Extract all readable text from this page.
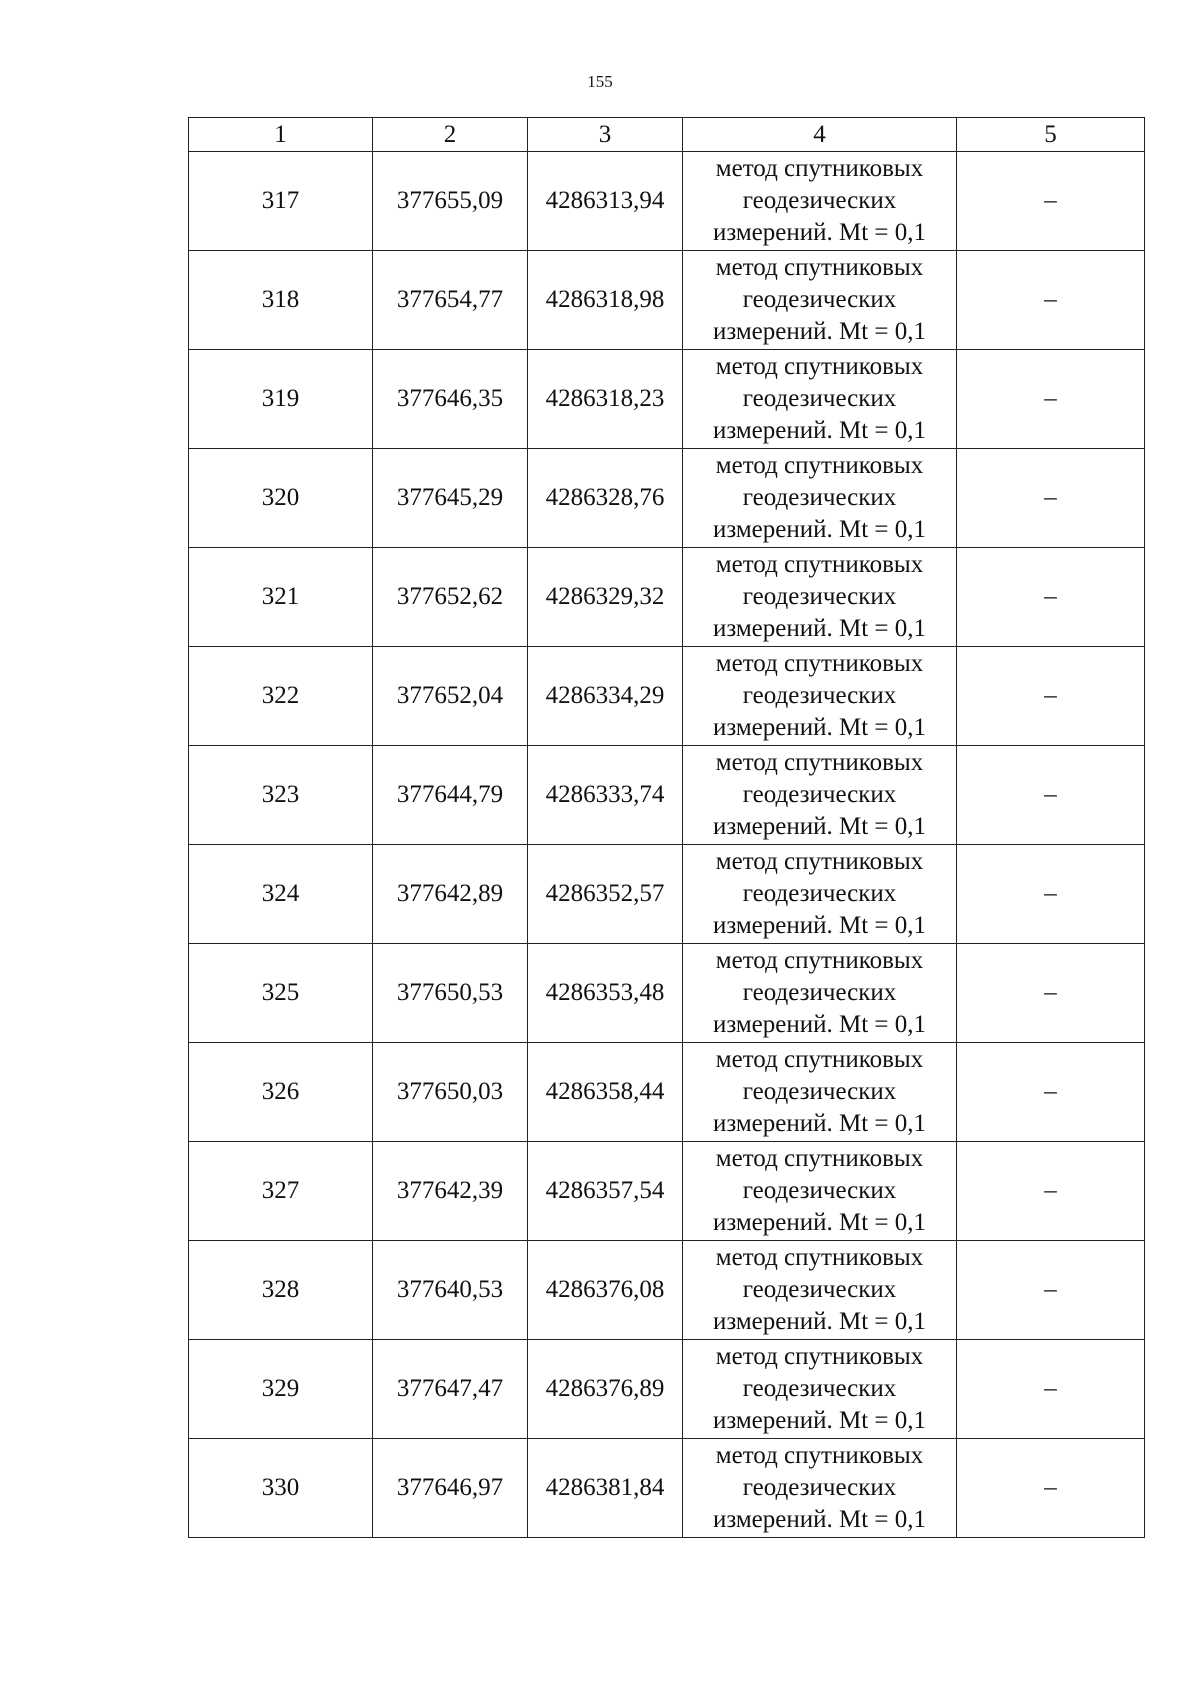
155
1	2	3	4	5
317	377655,09	4286313,94	метод спутниковых
геодезических
измерений. Mt = 0,1	–
318	377654,77	4286318,98	метод спутниковых
геодезических
измерений. Mt = 0,1	–
319	377646,35	4286318,23	метод спутниковых
геодезических
измерений. Mt = 0,1	–
320	377645,29	4286328,76	метод спутниковых
геодезических
измерений. Mt = 0,1	–
321	377652,62	4286329,32	метод спутниковых
геодезических
измерений. Mt = 0,1	–
322	377652,04	4286334,29	метод спутниковых
геодезических
измерений. Mt = 0,1	–
323	377644,79	4286333,74	метод спутниковых
геодезических
измерений. Mt = 0,1	–
324	377642,89	4286352,57	метод спутниковых
геодезических
измерений. Mt = 0,1	–
325	377650,53	4286353,48	метод спутниковых
геодезических
измерений. Mt = 0,1	–
326	377650,03	4286358,44	метод спутниковых
геодезических
измерений. Mt = 0,1	–
327	377642,39	4286357,54	метод спутниковых
геодезических
измерений. Mt = 0,1	–
328	377640,53	4286376,08	метод спутниковых
геодезических
измерений. Mt = 0,1	–
329	377647,47	4286376,89	метод спутниковых
геодезических
измерений. Mt = 0,1	–
330	377646,97	4286381,84	метод спутниковых
геодезических
измерений. Mt = 0,1	–
